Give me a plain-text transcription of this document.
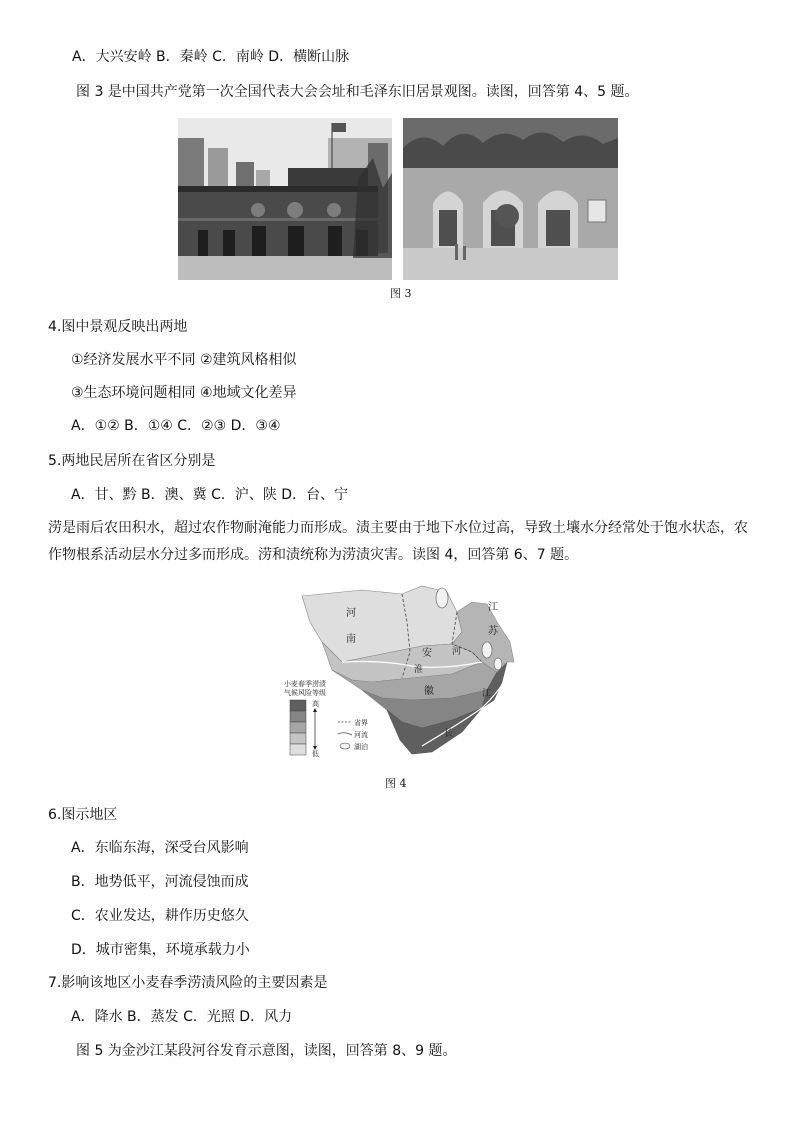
A．大兴安岭 B．秦岭 C．南岭 D．横断山脉
图 3 是中国共产党第一次全国代表大会会址和毛泽东旧居景观图。读图，回答第 4、5 题。
图 3
4.图中景观反映出两地
①经济发展水平不同 ②建筑风格相似
③生态环境问题相同 ④地域文化差异
A．①② B．①④ C．②③ D．③④
5.两地民居所在省区分别是
A．甘、黔 B．澳、冀 C．沪、陕 D．台、宁
涝是雨后农田积水，超过农作物耐淹能力而形成。渍主要由于地下水位过高，导致土壤水分经常处于饱水状态，农
作物根系活动层水分过多而形成。涝和渍统称为涝渍灾害。读图 4，回答第 6、7 题。
河
南
安
徽
江
苏
淮
河
长
江
小麦春季涝渍
气候风险等级
高
低
省界
河流
湖泊
图 4
6.图示地区
A．东临东海，深受台风影响
B．地势低平，河流侵蚀而成
C．农业发达，耕作历史悠久
D．城市密集，环境承载力小
7.影响该地区小麦春季涝渍风险的主要因素是
A．降水 B．蒸发 C．光照 D．风力
图 5 为金沙江某段河谷发育示意图，读图，回答第 8、9 题。
